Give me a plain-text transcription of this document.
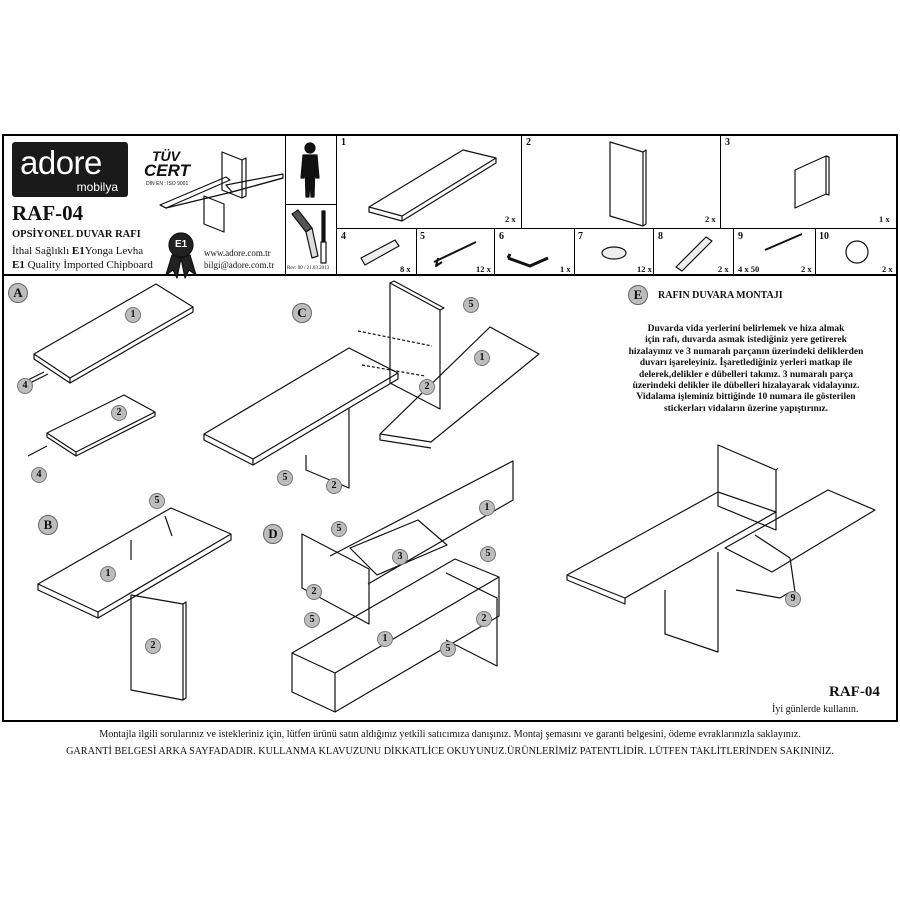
adore
mobilya
TÜV
CERT
DIN EN : ISO 9001
RAF-04
OPSİYONEL DUVAR RAFI
İthal Sağlıklı E1Yonga Levha
E1 Quality İmported Chipboard
www.adore.com.tr
bilgi@adore.com.tr	Rev: 00 / 21.03.2013
1
2 x
2
2 x
3
1 x
4
8 x
5
12 x
6
1 x
7
12 x
8
2 x
9
4 x 50	2 x
10
2 x
E1
A
B
C
D
E
1
4
2
4
5
1
2
5
1
2
5
2
1
5
3	5
2
5	2
1
5
9
RAFIN DUVARA MONTAJI
Duvarda vida yerlerini belirlemek ve hiza almak
için rafı, duvarda asmak istediğiniz yere getirerek
hizalayınız ve 3 numaralı parçanın üzerindeki deliklerden
duvarı işareleyiniz. İşaretlediğiniz yerleri matkap ile
delerek,delikler e dübelleri takınız. 3 numaralı parça
üzerindeki delikler ile dübelleri hizalayarak vidalayınız.
Vidalama işleminiz bittiğinde 10 numara ile gösterilen
stickerları vidaların üzerine yapıştırınız.
RAF-04
İyi günlerde kullanın.
Montajla ilgili sorularınız ve istekleriniz için, lütfen ürünü satın aldığınız yetkili satıcımıza danışınız. Montaj şemasını ve garanti belgesini, ödeme evraklarınızla saklayınız.
GARANTİ BELGESİ ARKA SAYFADADIR. KULLANMA KLAVUZUNU DİKKATLİCE OKUYUNUZ.ÜRÜNLERİMİZ PATENTLİDİR. LÜTFEN TAKLİTLERİNDEN SAKININIZ.
